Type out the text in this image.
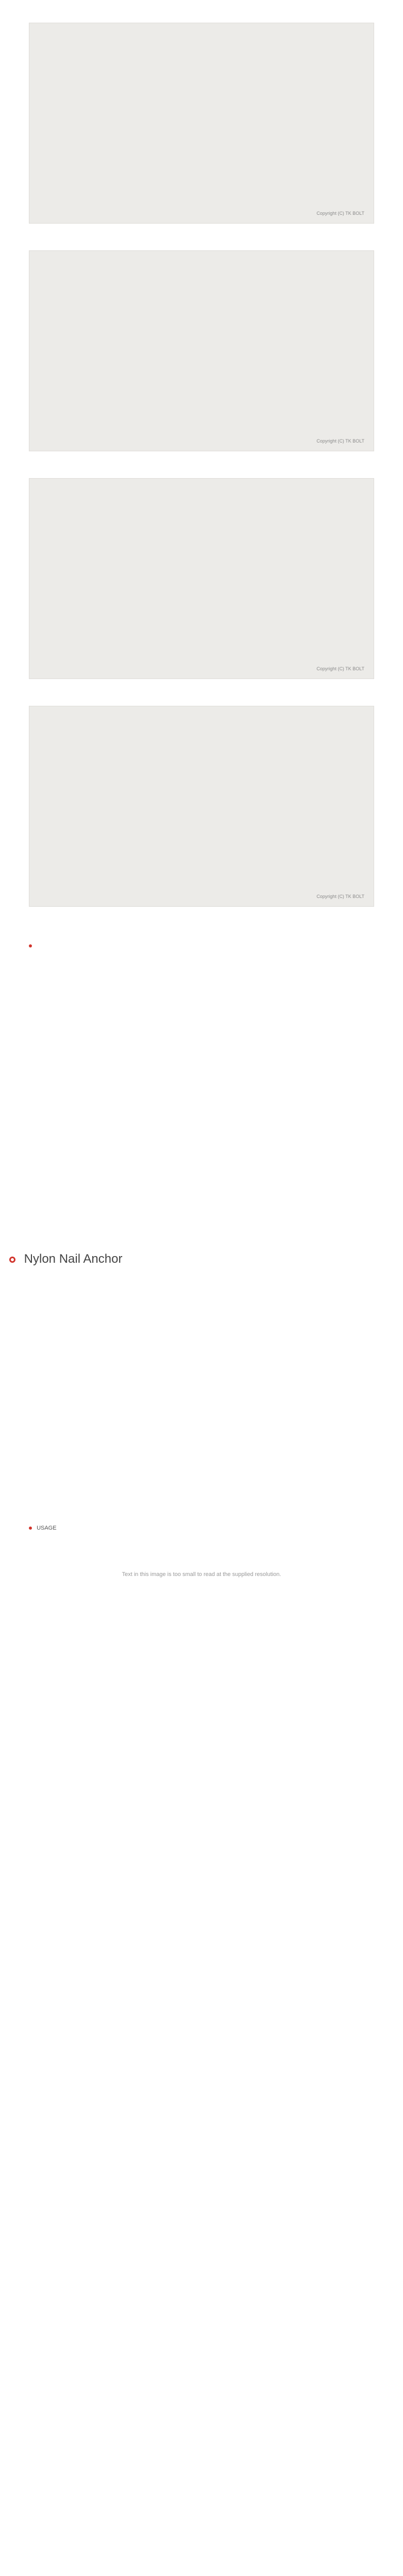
Copyright (C) TK BOLT
Copyright (C) TK BOLT
Copyright (C) TK BOLT
Copyright (C) TK BOLT
Nylon Nail Anchor
USAGE
Text in this image is too small to read at the supplied resolution.
